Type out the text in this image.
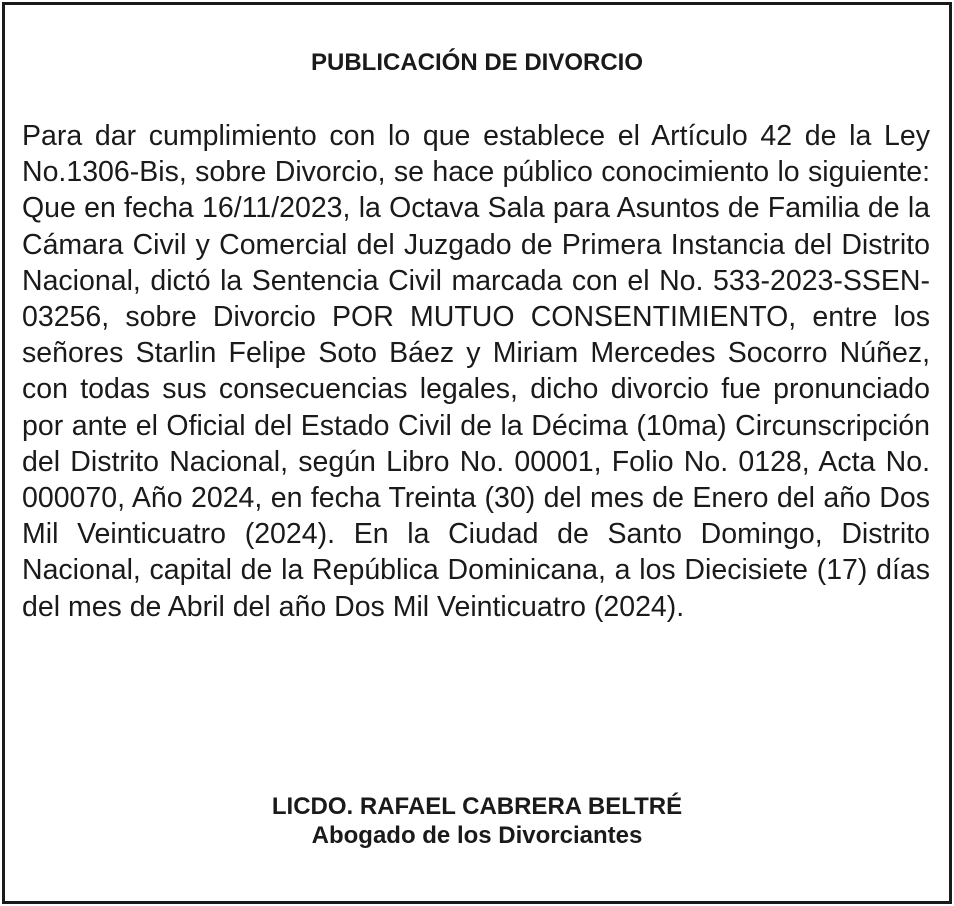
PUBLICACIÓN DE DIVORCIO

Para dar cumplimiento con lo que establece el Artículo 42 de la Ley No.1306-Bis, sobre Divorcio, se hace público conocimiento lo siguiente: Que en fecha 16/11/2023, la Octava Sala para Asuntos de Familia de la Cámara Civil y Comercial del Juzgado de Primera Instancia del Distrito Nacional, dictó la Sentencia Civil marcada con el No. 533-2023-SSEN-03256, sobre Divorcio POR MUTUO CONSENTIMIENTO, entre los señores Starlin Felipe Soto Báez y Miriam Mercedes Socorro Núñez, con todas sus consecuencias legales, dicho divorcio fue pronunciado por ante el Oficial del Estado Civil de la Décima (10ma) Circunscripción del Distrito Nacional, según Libro No. 00001, Folio No. 0128, Acta No. 000070, Año 2024, en fecha Treinta (30) del mes de Enero del año Dos Mil Veinticuatro (2024). En la Ciudad de Santo Domingo, Distrito Nacional, capital de la República Dominicana, a los Diecisiete (17) días del mes de Abril del año Dos Mil Veinticuatro (2024).

LICDO. RAFAEL CABRERA BELTRÉ
Abogado de los Divorciantes
